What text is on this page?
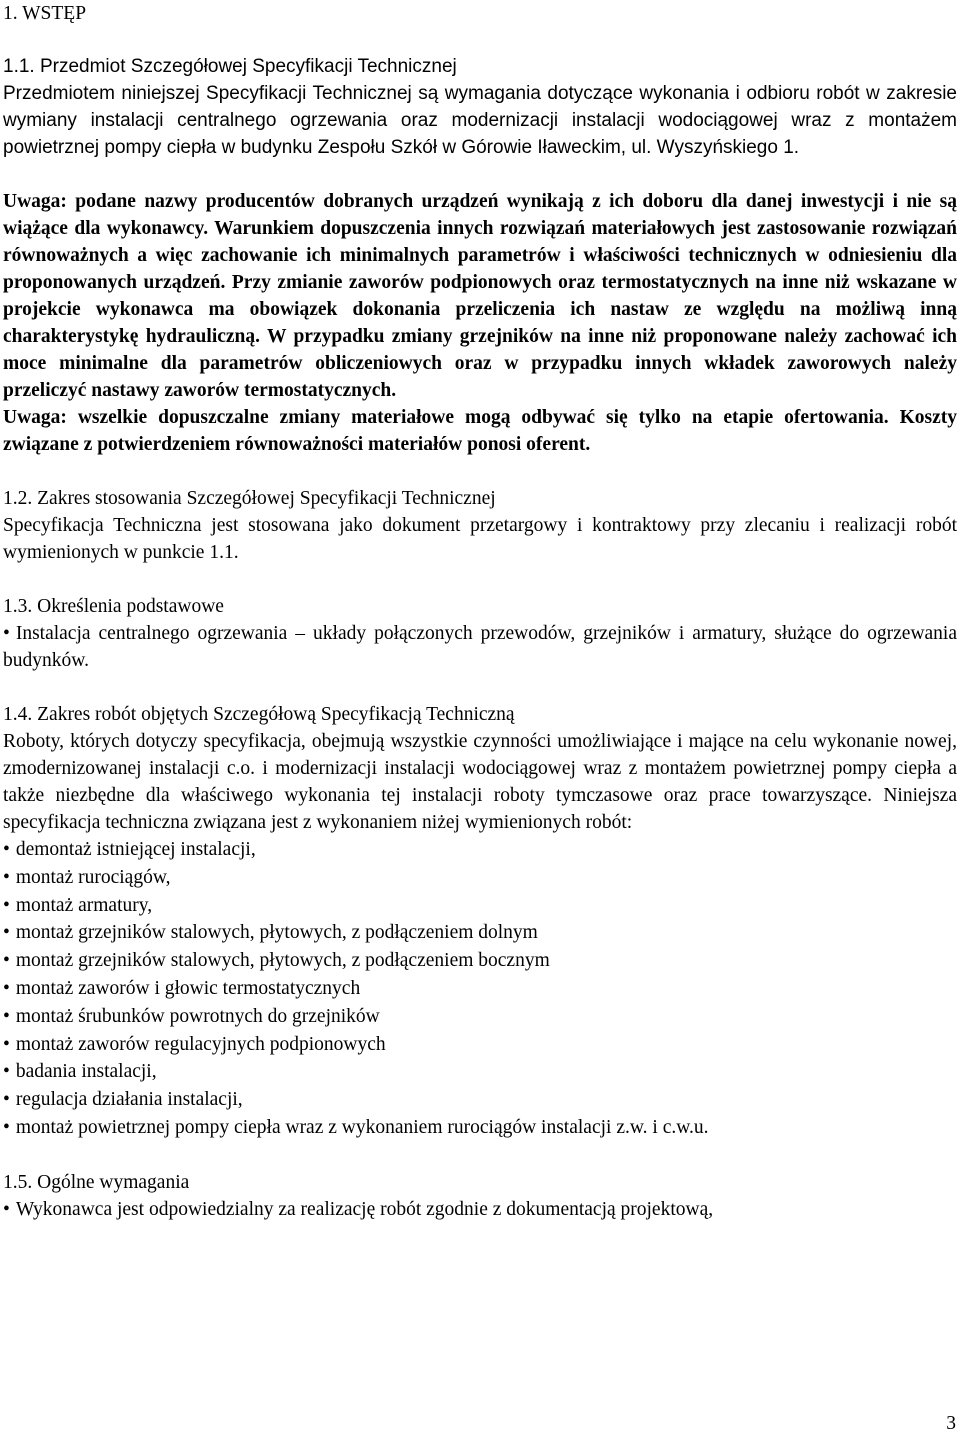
1. WSTĘP

1.1. Przedmiot Szczegółowej Specyfikacji Technicznej

Przedmiotem niniejszej Specyfikacji Technicznej są wymagania dotyczące wykonania i odbioru robót w zakresie wymiany instalacji centralnego ogrzewania oraz modernizacji instalacji wodociągowej wraz z montażem powietrznej pompy ciepła w budynku Zespołu Szkół w Górowie Iławeckim, ul. Wyszyńskiego 1.

Uwaga: podane nazwy producentów dobranych urządzeń wynikają z ich doboru dla danej inwestycji i nie są wiążące dla wykonawcy. Warunkiem dopuszczenia innych rozwiązań materiałowych jest zastosowanie rozwiązań równoważnych a więc zachowanie ich minimalnych parametrów i właściwości technicznych w odniesieniu dla proponowanych urządzeń. Przy zmianie zaworów podpionowych oraz termostatycznych na inne niż wskazane w projekcie wykonawca ma obowiązek dokonania przeliczenia ich nastaw ze względu na możliwą inną charakterystykę hydrauliczną. W przypadku zmiany grzejników na inne niż proponowane należy zachować ich moce minimalne dla parametrów obliczeniowych oraz w przypadku innych wkładek zaworowych należy przeliczyć nastawy zaworów termostatycznych.

Uwaga: wszelkie dopuszczalne zmiany materiałowe mogą odbywać się tylko na etapie ofertowania. Koszty związane z potwierdzeniem równoważności materiałów ponosi oferent.

1.2. Zakres stosowania Szczegółowej Specyfikacji Technicznej

Specyfikacja Techniczna jest stosowana jako dokument przetargowy i kontraktowy przy zlecaniu i realizacji robót wymienionych w punkcie 1.1.

1.3. Określenia podstawowe

• Instalacja centralnego ogrzewania – układy połączonych przewodów, grzejników i armatury, służące do ogrzewania budynków.

1.4. Zakres robót objętych Szczegółową Specyfikacją Techniczną

Roboty, których dotyczy specyfikacja, obejmują wszystkie czynności umożliwiające i mające na celu wykonanie nowej, zmodernizowanej instalacji c.o. i modernizacji instalacji wodociągowej wraz z montażem powietrznej pompy ciepła a także niezbędne dla właściwego wykonania tej instalacji roboty tymczasowe oraz prace towarzyszące. Niniejsza specyfikacja techniczna związana jest z wykonaniem niżej wymienionych robót:

• demontaż istniejącej instalacji,
• montaż rurociągów,
• montaż armatury,
• montaż grzejników stalowych, płytowych, z podłączeniem dolnym
• montaż grzejników stalowych, płytowych, z podłączeniem bocznym
• montaż zaworów i głowic termostatycznych
• montaż śrubunków powrotnych do grzejników
• montaż zaworów regulacyjnych podpionowych
• badania instalacji,
• regulacja działania instalacji,
• montaż powietrznej pompy ciepła wraz z wykonaniem rurociągów instalacji z.w. i c.w.u.

1.5. Ogólne wymagania

• Wykonawca jest odpowiedzialny za realizację robót zgodnie z dokumentacją projektową,
3
